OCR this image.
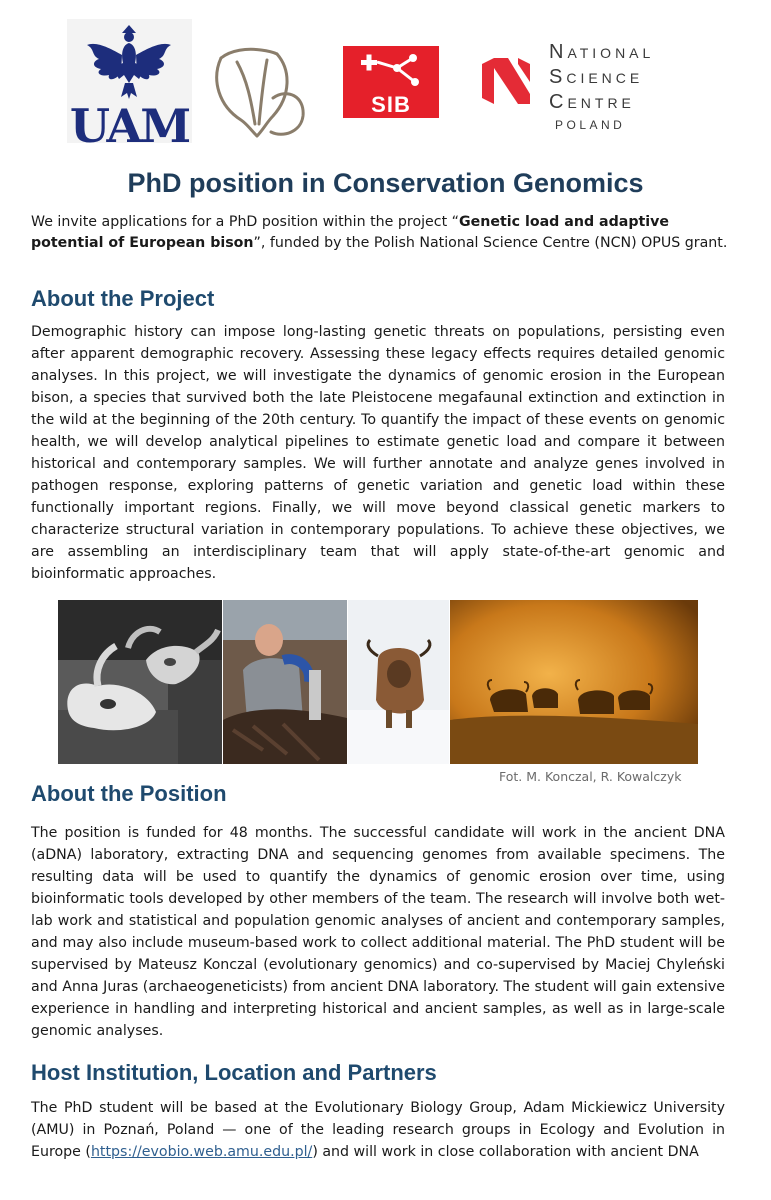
UAM	SIB
National
Science
Centre
POLAND
PhD position in Conservation Genomics

We invite applications for a PhD position within the project “Genetic load and adaptive potential of European bison”, funded by the Polish National Science Centre (NCN) OPUS grant.

About the Project

Demographic history can impose long-lasting genetic threats on populations, persisting even after apparent demographic recovery. Assessing these legacy effects requires detailed genomic analyses. In this project, we will investigate the dynamics of genomic erosion in the European bison, a species that survived both the late Pleistocene megafaunal extinction and extinction in the wild at the beginning of the 20th century. To quantify the impact of these events on genomic health, we will develop analytical pipelines to estimate genetic load and compare it between historical and contemporary samples. We will further annotate and analyze genes involved in pathogen response, exploring patterns of genetic variation and genetic load within these functionally important regions. Finally, we will move beyond classical genetic markers to characterize structural variation in contemporary populations. To achieve these objectives, we are assembling an interdisciplinary team that will apply state-of-the-art genomic and bioinformatic approaches.

Fot. M. Konczal, R. Kowalczyk
About the Position

The position is funded for 48 months. The successful candidate will work in the ancient DNA (aDNA) laboratory, extracting DNA and sequencing genomes from available specimens. The resulting data will be used to quantify the dynamics of genomic erosion over time, using bioinformatic tools developed by other members of the team. The research will involve both wet-lab work and statistical and population genomic analyses of ancient and contemporary samples, and may also include museum-based work to collect additional material. The PhD student will be supervised by Mateusz Konczal (evolutionary genomics) and co-supervised by Maciej Chyleński and Anna Juras (archaeogeneticists) from ancient DNA laboratory. The student will gain extensive experience in handling and interpreting historical and ancient samples, as well as in large-scale genomic analyses.

Host Institution, Location and Partners

The PhD student will be based at the Evolutionary Biology Group, Adam Mickiewicz University (AMU) in Poznań, Poland — one of the leading research groups in Ecology and Evolution in Europe (https://evobio.web.amu.edu.pl/) and will work in close collaboration with ancient DNA
